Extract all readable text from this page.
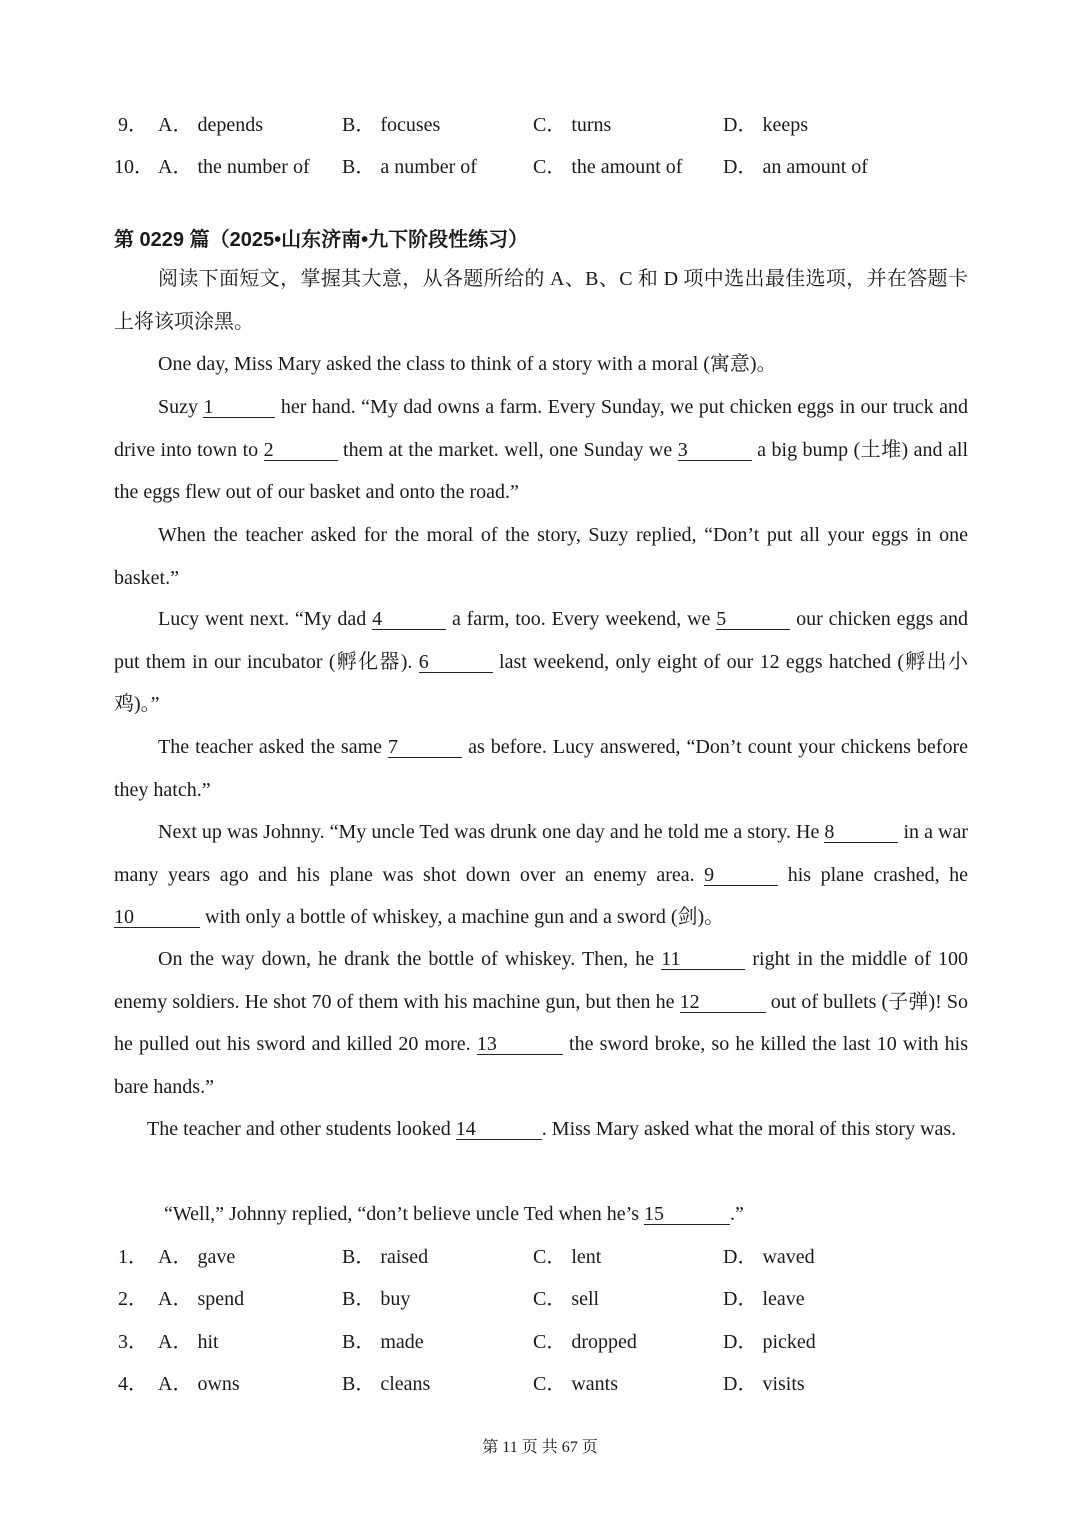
9． A． depends	B． focuses	C． turns	D． keeps
10． A． the number of B． a number of	C． the amount of D． an amount of
第 0229 篇（2025•山东济南•九下阶段性练习）
阅读下面短文，掌握其大意，从各题所给的 A、B、C 和 D 项中选出最佳选项，并在答题卡上将该项涂黑。
One day, Miss Mary asked the class to think of a story with a moral (寓意)。
Suzy 1	her hand. “My dad owns a farm. Every Sunday, we put chicken eggs in our truck and drive into town to 2	them at the market. well, one Sunday we 3	a big bump (土堆) and all the eggs flew out of our basket and onto the road.”
When the teacher asked for the moral of the story, Suzy replied, “Don’t put all your eggs in one basket.”
Lucy went next. “My dad 4	a farm, too. Every weekend, we 5	our chicken eggs and put them in our incubator (孵化器). 6	last weekend, only eight of our 12 eggs hatched (孵出小鸡)。”
The teacher asked the same 7	as before. Lucy answered, “Don’t count your chickens before they hatch.”
Next up was Johnny. “My uncle Ted was drunk one day and he told me a story. He 8	in a war many years ago and his plane was shot down over an enemy area. 9	his plane crashed, he 10	with only a bottle of whiskey, a machine gun and a sword (剑)。
On the way down, he drank the bottle of whiskey. Then, he 11	right in the middle of 100 enemy soldiers. He shot 70 of them with his machine gun, but then he 12	out of bullets (子弹)! So he pulled out his sword and killed 20 more. 13	the sword broke, so he killed the last 10 with his bare hands.”
The teacher and other students looked 14	. Miss Mary asked what the moral of this story was.
“Well,” Johnny replied, “don’t believe uncle Ted when he’s 15	.”
1． A． gave	B． raised	C． lent	D． waved
2． A． spend	B． buy	C． sell	D． leave
3． A． hit	B． made	C． dropped	D． picked
4． A． owns	B． cleans	C． wants	D． visits
第 11 页 共 67 页
